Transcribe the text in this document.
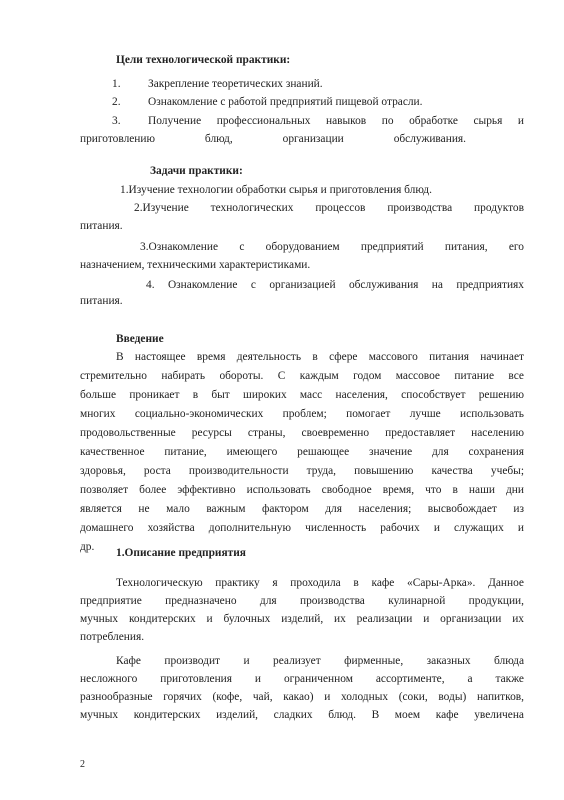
Цели технологической практики:
1. Закрепление теоретических знаний.
2. Ознакомление с работой предприятий пищевой отрасли.
3. Получение профессиональных навыков по обработке сырья и
приготовлению блюд, организации обслуживания.
Задачи практики:
1.Изучение технологии обработки сырья и приготовления блюд.
2.Изучение технологических процессов производства продуктов
питания.
3.Ознакомление с оборудованием предприятий питания, его
назначением, техническими характеристиками.
4. Ознакомление с организацией обслуживания на предприятиях
питания.
Введение
В настоящее время деятельность в сфере массового питания начинает
стремительно набирать обороты. С каждым годом массовое питание все
больше проникает в быт широких масс населения, способствует решению
многих социально-экономических проблем; помогает лучше использовать
продовольственные ресурсы страны, своевременно предоставляет населению
качественное питание, имеющего решающее значение для сохранения
здоровья, роста производительности труда, повышению качества учебы;
позволяет более эффективно использовать свободное время, что в наши дни
является не мало важным фактором для населения; высвобождает из
домашнего хозяйства дополнительную численность рабочих и служащих и
др. 1.Описание предприятия
Технологическую практику я проходила в кафе «Сары-Арка». Данное
предприятие предназначено для производства кулинарной продукции,
мучных кондитерских и булочных изделий, их реализации и организации их
потребления.
Кафе производит и реализует фирменные, заказных блюда
несложного приготовления и ограниченном ассортименте, а также
разнообразные горячих (кофе, чай, какао) и холодных (соки, воды) напитков,
мучных кондитерских изделий, сладких блюд. В моем кафе увеличена
2
